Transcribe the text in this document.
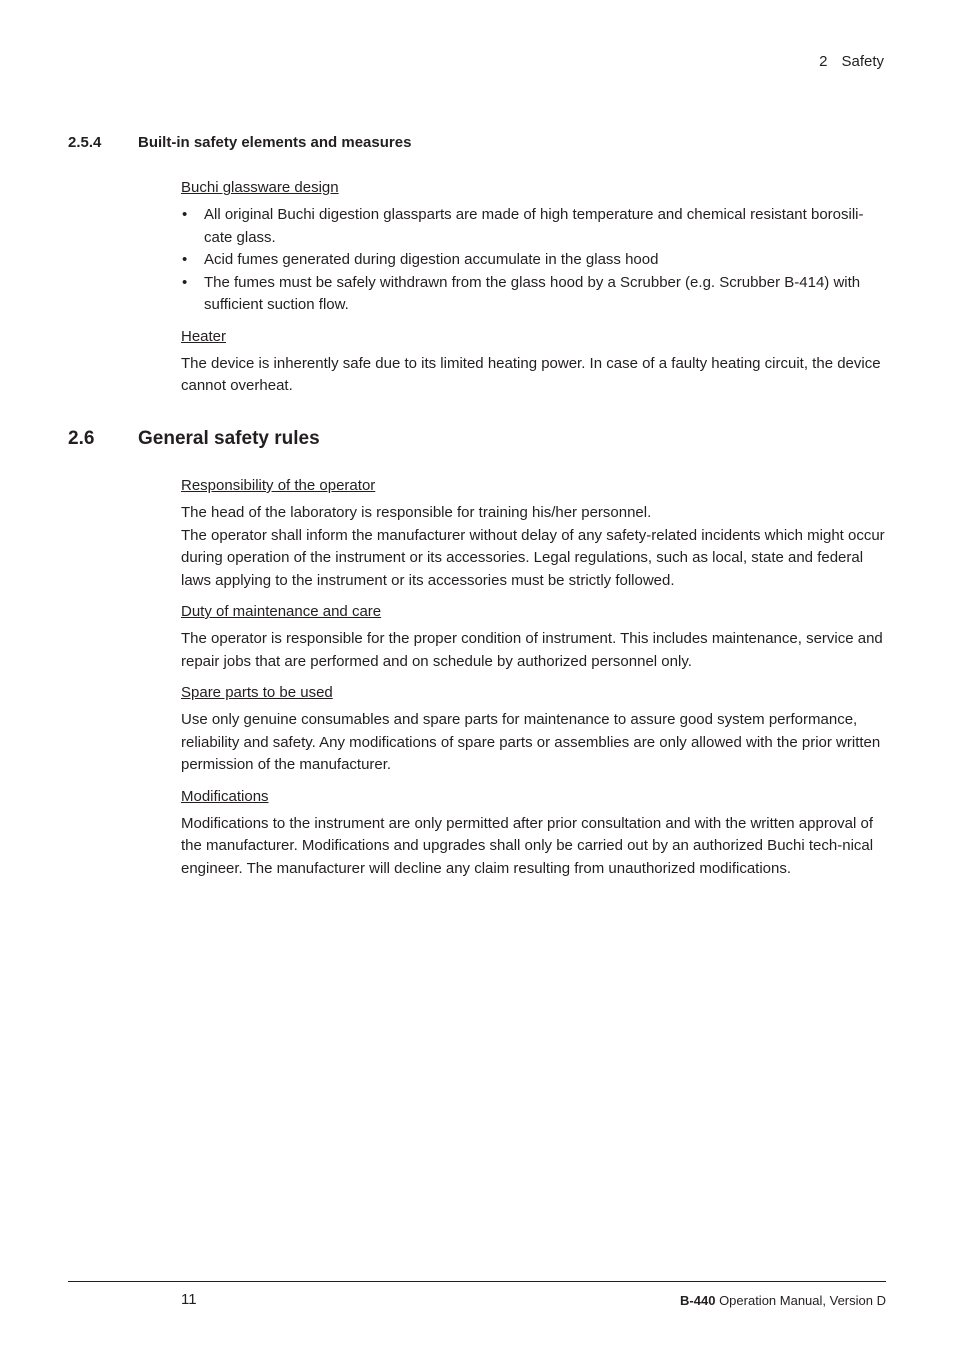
2 Safety
2.5.4 Built-in safety elements and measures

Buchi glassware design

• All original Buchi digestion glassparts are made of high temperature and chemical resistant borosili-cate glass.
• Acid fumes generated during digestion accumulate in the glass hood
• The fumes must be safely withdrawn from the glass hood by a Scrubber (e.g. Scrubber B-414) with sufficient suction flow.

Heater

The device is inherently safe due to its limited heating power. In case of a faulty heating circuit, the device cannot overheat.

2.6 General safety rules

Responsibility of the operator

The head of the laboratory is responsible for training his/her personnel.

The operator shall inform the manufacturer without delay of any safety-related incidents which might occur during operation of the instrument or its accessories. Legal regulations, such as local, state and federal laws applying to the instrument or its accessories must be strictly followed.

Duty of maintenance and care

The operator is responsible for the proper condition of instrument. This includes maintenance, service and repair jobs that are performed and on schedule by authorized personnel only.

Spare parts to be used

Use only genuine consumables and spare parts for maintenance to assure good system performance, reliability and safety. Any modifications of spare parts or assemblies are only allowed with the prior written permission of the manufacturer.

Modifications

Modifications to the instrument are only permitted after prior consultation and with the written approval of the manufacturer. Modifications and upgrades shall only be carried out by an authorized Buchi tech-nical engineer. The manufacturer will decline any claim resulting from unauthorized modifications.

11	B-440 Operation Manual, Version D
